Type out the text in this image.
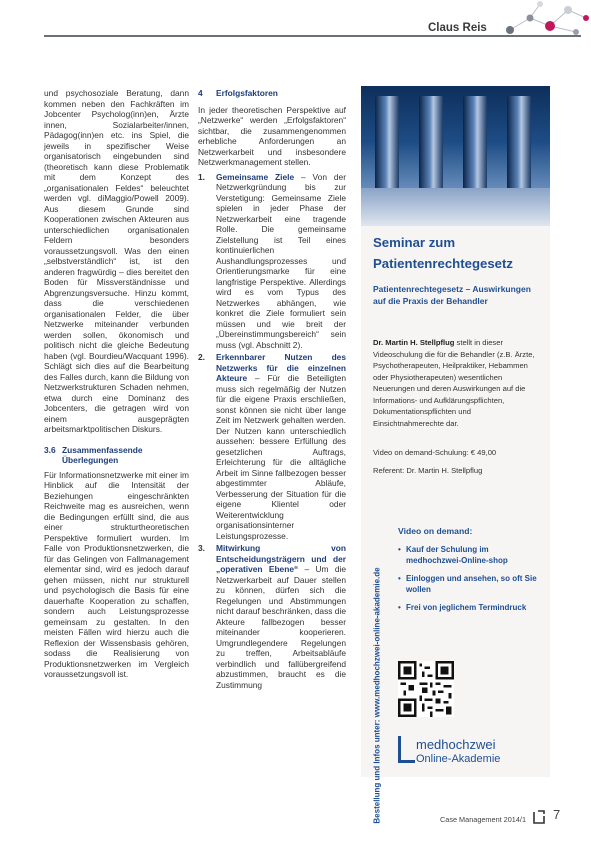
Claus Reis

und psychosoziale Beratung, dann kommen neben den Fachkräften im Jobcenter Psycholog(inn)en, Ärzte innen, Sozialarbeiter/innen, Pädagog(inn)en etc. ins Spiel, die jeweils in spezifischer Weise organisatorisch eingebunden sind (theoretisch kann diese Problematik mit dem Konzept des „organisationalen Feldes“ beleuchtet werden vgl. diMaggio/Powell 2009). Aus diesem Grunde sind Kooperationen zwischen Akteuren aus unterschiedlichen organisationalen Feldern besonders voraussetzungsvoll. Was den einen „selbstverständlich“ ist, ist den anderen fragwürdig – dies bereitet den Boden für Missverständnisse und Abgrenzungsversuche. Hinzu kommt, dass die verschiedenen organisationalen Felder, die über Netzwerke miteinander verbunden werden sollen, ökonomisch und politisch nicht die gleiche Bedeutung haben (vgl. Bourdieu/Wacquant 1996). Schlägt sich dies auf die Bearbeitung des Falles durch, kann die Bildung von Netzwerkstrukturen Schaden nehmen, etwa durch eine Dominanz des Jobcenters, die getragen wird von einem ausgeprägten arbeitsmarktpolitischen Diskurs.

3.6 Zusammenfassende
Überlegungen

Für Informationsnetzwerke mit einer im Hinblick auf die Intensität der Beziehungen eingeschränkten Reichweite mag es ausreichen, wenn die Bedingungen erfüllt sind, die aus einer strukturtheoretischen Perspektive formuliert wurden. Im Falle von Produktionsnetzwerken, die für das Gelingen von Fallmanagement elementar sind, wird es jedoch darauf gehen müssen, nicht nur strukturell und psychologisch die Basis für eine dauerhafte Kooperation zu schaffen, sondern auch Leistungsprozesse gemeinsam zu gestalten. In den meisten Fällen wird hierzu auch die Reflexion der Wissensbasis gehören, sodass die Realisierung von Produktionsnetzwerken im Vergleich voraussetzungsvoll ist.

4 Erfolgsfaktoren

In jeder theoretischen Perspektive auf „Netzwerke“ werden „Erfolgsfaktoren“ sichtbar, die zusammengenommen erhebliche Anforderungen an Netzwerkarbeit und insbesondere Netzwerkmanagement stellen.

1. Gemeinsame Ziele – Von der Netzwerkgründung bis zur Verstetigung: Gemeinsame Ziele spielen in jeder Phase der Netzwerkarbeit eine tragende Rolle. Die gemeinsame Zielstellung ist Teil eines kontinuierlichen Aushandlungsprozesses und Orientierungsmarke für eine langfristige Perspektive. Allerdings wird es vom Typus des Netzwerkes abhängen, wie konkret die Ziele formuliert sein müssen und wie breit der „Übereinstimmungsbereich“ sein muss (vgl. Abschnitt 2).
2. Erkennbarer Nutzen des Netzwerks für die einzelnen Akteure – Für die Beteiligten muss sich regelmäßig der Nutzen für die eigene Praxis erschließen, sonst können sie nicht über lange Zeit im Netzwerk gehalten werden. Der Nutzen kann unterschiedlich aussehen: bessere Erfüllung des gesetzlichen Auftrags, Erleichterung für die alltägliche Arbeit im Sinne fallbezogen besser abgestimmter Abläufe, Verbesserung der Situation für die eigene Klientel oder Weiterentwicklung organisationsinterner Leistungsprozesse.
3. Mitwirkung von Entscheidungsträgern und der „operativen Ebene“ – Um die Netzwerkarbeit auf Dauer stellen zu können, dürfen sich die Regelungen und Abstimmungen nicht darauf beschränken, dass die Akteure fallbezogen besser miteinander kooperieren. Umgrundlegendere Regelungen zu treffen, Arbeitsabläufe verbindlich und fallübergreifend abzustimmen, braucht es die Zustimmung
Seminar zum
Patientenrechtegesetz
Patientenrechtegesetz – Auswirkungen auf die Praxis der Behandler
Dr. Martin H. Stellpflug stellt in dieser Videoschulung die für die Behandler (z.B. Ärzte, Psychotherapeuten, Heilpraktiker, Hebammen oder Physiotherapeuten) wesentlichen Neuerungen und deren Auswirkungen auf die Informations- und Aufklärungspflichten, Dokumentationspflichten und Einsichtnahmerechte dar.
Video on demand-Schulung: € 49,00
Referent: Dr. Martin H. Stellpflug
Bestellung und Infos unter: www.medhochzwei-online-akademie.de
Video on demand:
• Kauf der Schulung im medhochzwei-Online-shop
• Einloggen und ansehen, so oft Sie wollen
• Frei von jeglichem Termindruck
medhochzwei
Online-Akademie
Case Management 2014/1 7
